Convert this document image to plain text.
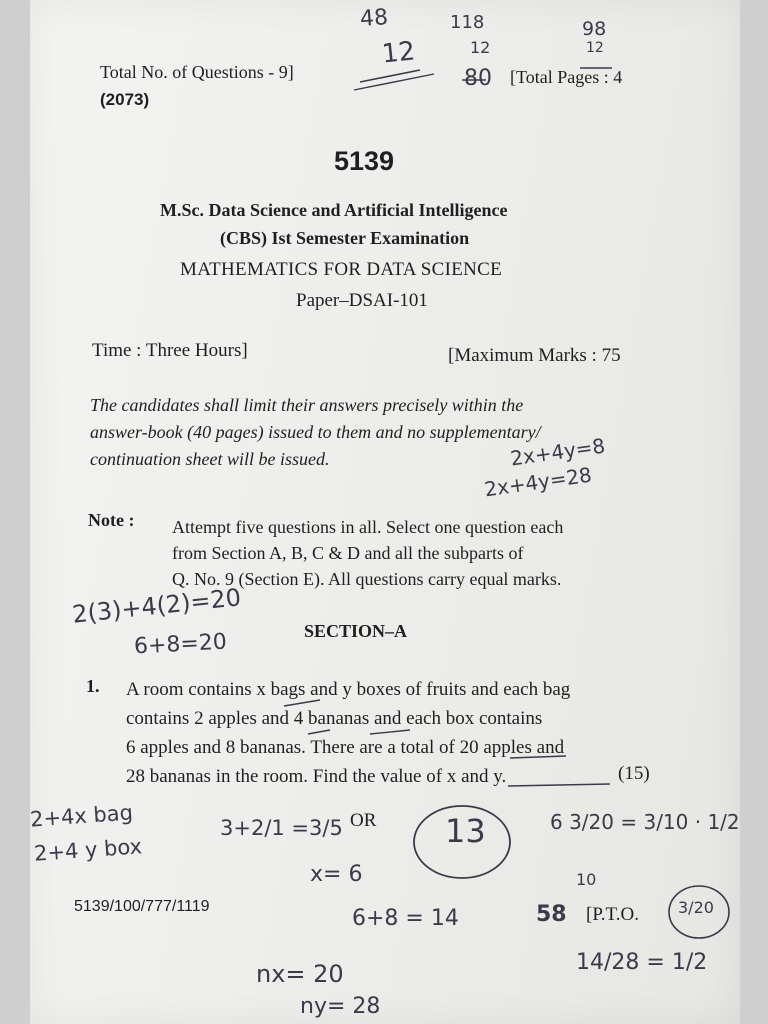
Total No. of Questions - 9]
(2073)
[Total Pages : 4
5139
M.Sc. Data Science and Artificial Intelligence
(CBS) Ist Semester Examination
MATHEMATICS FOR DATA SCIENCE
Paper–DSAI-101
Time : Three Hours]	[Maximum Marks : 75
The candidates shall limit their answers precisely within the
answer-book (40 pages) issued to them and no supplementary/
continuation sheet will be issued.
Note : Attempt five questions in all. Select one question each
from Section A, B, C & D and all the subparts of
Q. No. 9 (Section E). All questions carry equal marks.
SECTION–A
1. A room contains x bags and y boxes of fruits and each bag
contains 2 apples and 4 bananas and each box contains
6 apples and 8 bananas. There are a total of 20 apples and
28 bananas in the room. Find the value of x and y.	(15)
OR
5139/100/777/1119	[P.T.O.
48
12
118
12
80
98
12
2x+4y=8
2x+4y=28
2(3)+4(2)=20
6+8=20
2+4x bag
2+4 y box
3+2/1 =3/5
x= 6
13	6 3/20 = 3/10 · 1/2
10
6+8 = 14	58	3/20
14/28 = 1/2
nx= 20
ny= 28
